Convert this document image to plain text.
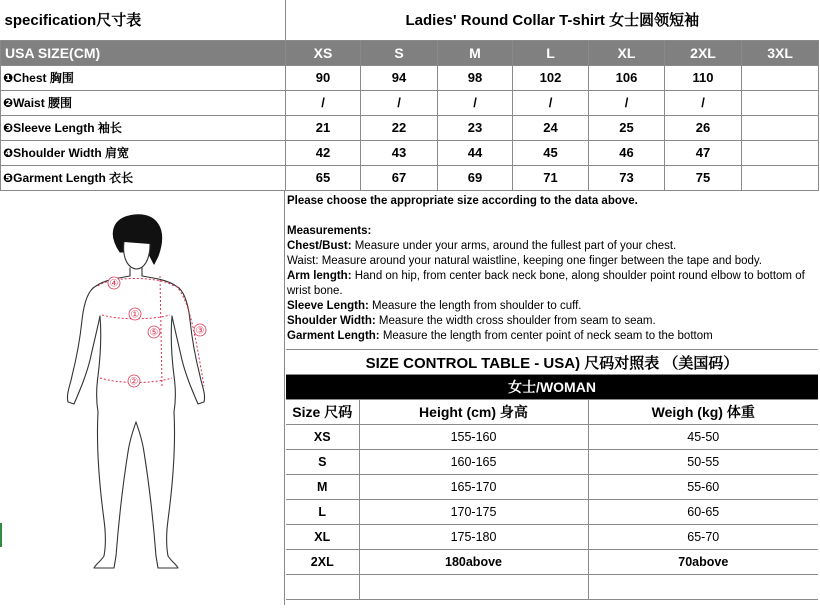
specification尺寸表	Ladies' Round Collar T-shirt 女士圆领短袖						
USA SIZE(CM)	XS	S	M	L	XL	2XL	3XL
❶Chest 胸围	90	94	98	102	106	110	
❷Waist 腰围	/	/	/	/	/	/	
❸Sleeve Length 袖长	21	22	23	24	25	26	
❹Shoulder Width 肩宽	42	43	44	45	46	47	
❺Garment Length 衣长	65	67	69	71	73	75	
①
②
③
④
⑤
Please choose the appropriate size according to the data above.
Measurements:
Chest/Bust: Measure under your arms, around the fullest part of your chest.
Waist: Measure around your natural waistline, keeping one finger between the tape and body.
Arm length: Hand on hip, from center back neck bone, along shoulder point round elbow to bottom of wrist bone.
Sleeve Length: Measure the length from shoulder to cuff.
Shoulder Width: Measure the width cross shoulder from seam to seam.
Garment Length: Measure the length from center point of neck seam to the bottom
SIZE CONTROL TABLE - USA) 尺码对照表 （美国码）		
女士/WOMAN		
Size 尺码	Height (cm) 身高	Weigh (kg) 体重
XS	155-160	45-50
S	160-165	50-55
M	165-170	55-60
L	170-175	60-65
XL	175-180	65-70
2XL	180above	70above
